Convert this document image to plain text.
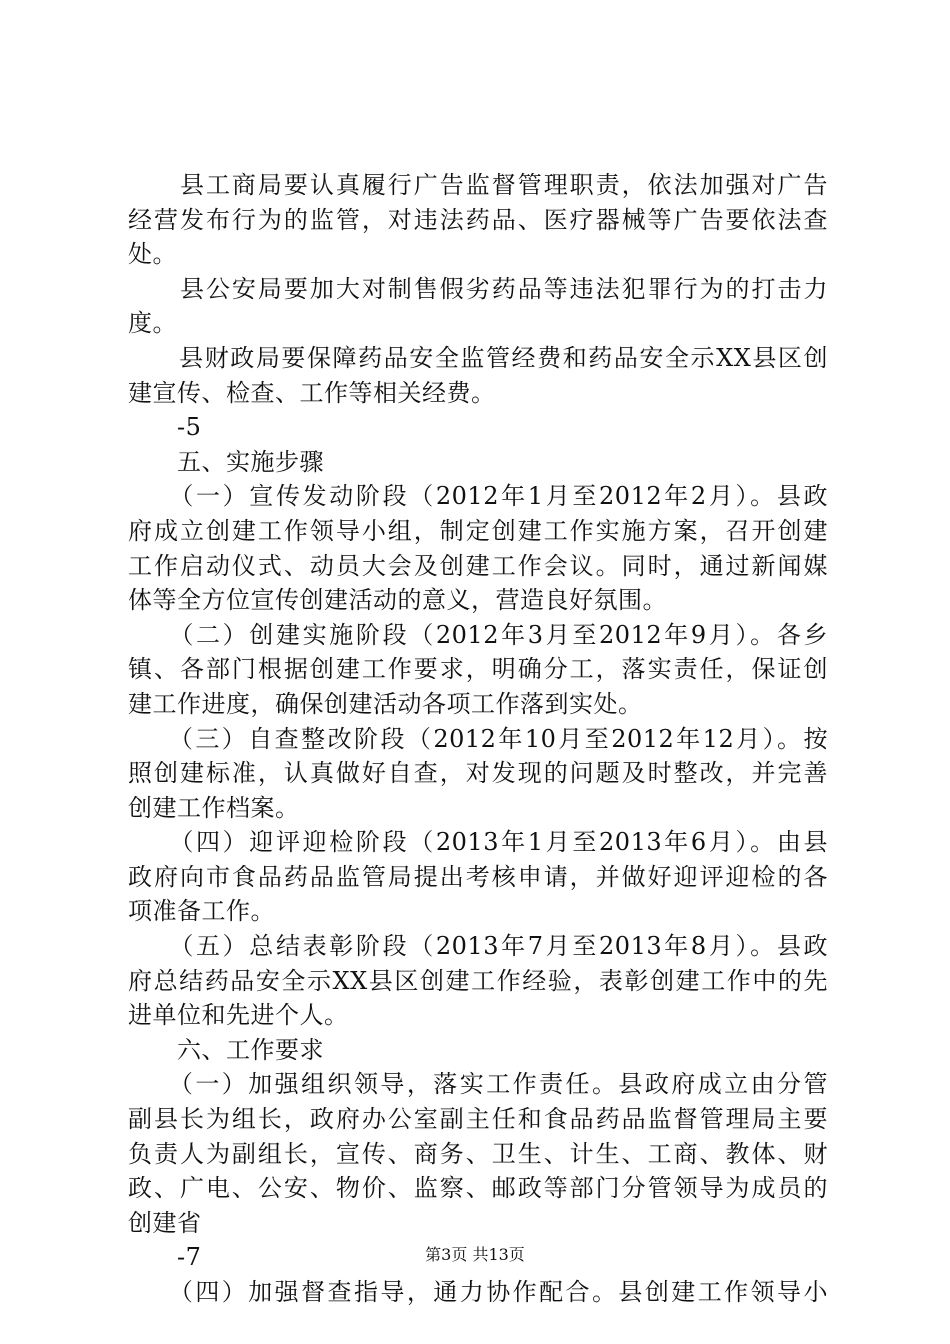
　　县工商局要认真履行广告监督管理职责，依法加强对广告
经营发布行为的监管，对违法药品、医疗器械等广告要依法查
处。
　　县公安局要加大对制售假劣药品等违法犯罪行为的打击力
度。
　　县财政局要保障药品安全监管经费和药品安全示XX县区创
建宣传、检查、工作等相关经费。
　　-5
　　五、实施步骤
　　（一）宣传发动阶段（2012年1月至2012年2月）。县政
府成立创建工作领导小组，制定创建工作实施方案，召开创建
工作启动仪式、动员大会及创建工作会议。同时，通过新闻媒
体等全方位宣传创建活动的意义，营造良好氛围。
　　（二）创建实施阶段（2012年3月至2012年9月）。各乡
镇、各部门根据创建工作要求，明确分工，落实责任，保证创
建工作进度，确保创建活动各项工作落到实处。
　　（三）自查整改阶段（2012年10月至2012年12月）。按
照创建标准，认真做好自查，对发现的问题及时整改，并完善
创建工作档案。
　　（四）迎评迎检阶段（2013年1月至2013年6月）。由县
政府向市食品药品监管局提出考核申请，并做好迎评迎检的各
项准备工作。
　　（五）总结表彰阶段（2013年7月至2013年8月）。县政
府总结药品安全示XX县区创建工作经验，表彰创建工作中的先
进单位和先进个人。
　　六、工作要求
　　（一）加强组织领导，落实工作责任。县政府成立由分管
副县长为组长，政府办公室副主任和食品药品监督管理局主要
负责人为副组长，宣传、商务、卫生、计生、工商、教体、财
政、广电、公安、物价、监察、邮政等部门分管领导为成员的
创建省
　　-7
　　（四）加强督查指导，通力协作配合。县创建工作领导小
第3页 共13页
